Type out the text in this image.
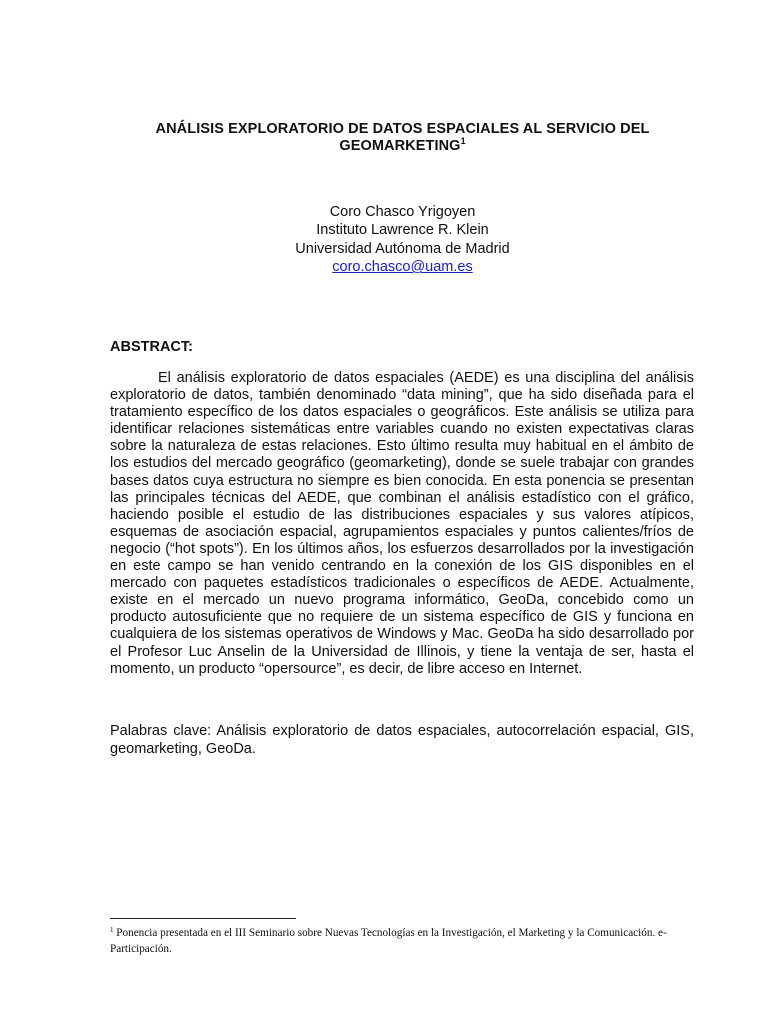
ANÁLISIS EXPLORATORIO DE DATOS ESPACIALES AL SERVICIO DEL
GEOMARKETING$^1$
Coro Chasco Yrigoyen
Instituto Lawrence R. Klein
Universidad Autónoma de Madrid
coro.chasco@uam.es
ABSTRACT:
El análisis exploratorio de datos espaciales (AEDE) es una disciplina del análisis exploratorio de datos, también denominado “data mining”, que ha sido diseñada para el tratamiento específico de los datos espaciales o geográficos. Este análisis se utiliza para identificar relaciones sistemáticas entre variables cuando no existen expectativas claras sobre la naturaleza de estas relaciones. Esto último resulta muy habitual en el ámbito de los estudios del mercado geográfico (geomarketing), donde se suele trabajar con grandes bases datos cuya estructura no siempre es bien conocida. En esta ponencia se presentan las principales técnicas del AEDE, que combinan el análisis estadístico con el gráfico, haciendo posible el estudio de las distribuciones espaciales y sus valores atípicos, esquemas de asociación espacial, agrupamientos espaciales y puntos calientes/fríos de negocio (“hot spots”). En los últimos años, los esfuerzos desarrollados por la investigación en este campo se han venido centrando en la conexión de los GIS disponibles en el mercado con paquetes estadísticos tradicionales o específicos de AEDE. Actualmente, existe en el mercado un nuevo programa informático, GeoDa, concebido como un producto autosuficiente que no requiere de un sistema específico de GIS y funciona en cualquiera de los sistemas operativos de Windows y Mac. GeoDa ha sido desarrollado por el Profesor Luc Anselin de la Universidad de Illinois, y tiene la ventaja de ser, hasta el momento, un producto “opersource”, es decir, de libre acceso en Internet.
Palabras clave: Análisis exploratorio de datos espaciales, autocorrelación espacial, GIS, geomarketing, GeoDa.
$^1$ Ponencia presentada en el III Seminario sobre Nuevas Tecnologías en la Investigación, el Marketing y la Comunicación. e-Participación.
